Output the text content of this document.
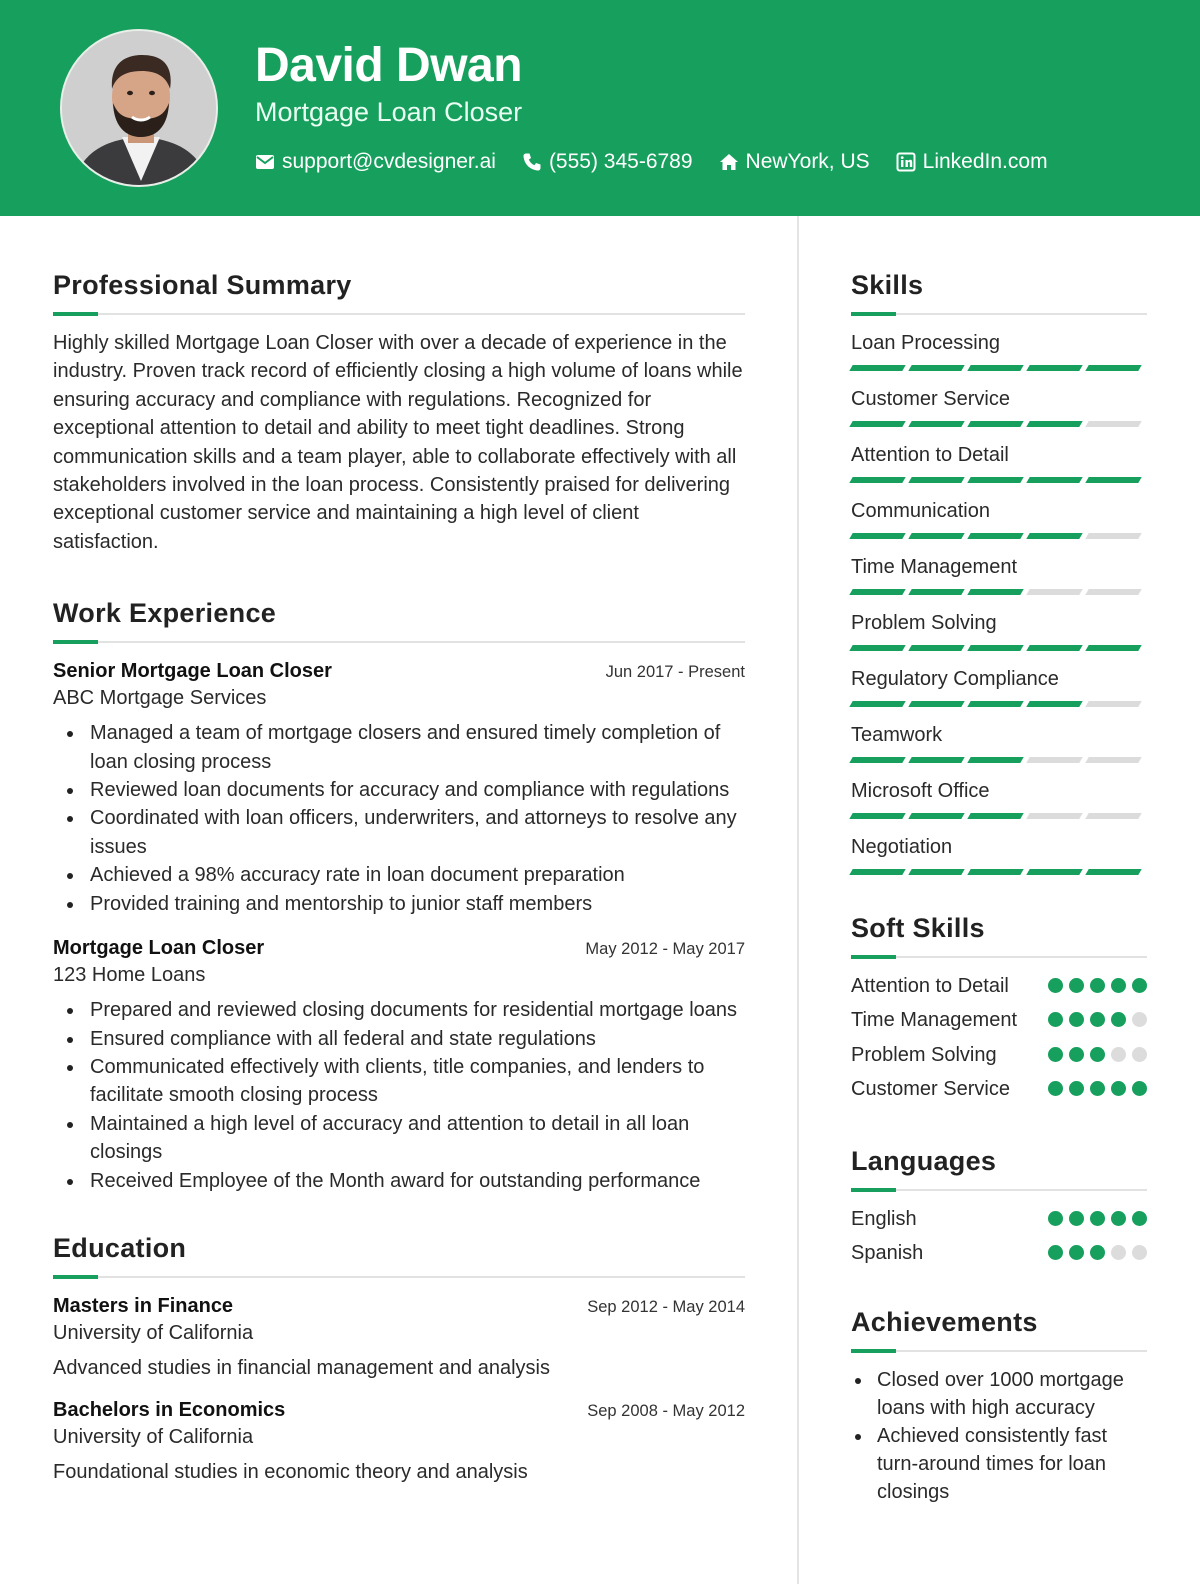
David Dwan
Mortgage Loan Closer
support@cvdesigner.ai	(555) 345-6789	NewYork, US	LinkedIn.com
Professional Summary

Highly skilled Mortgage Loan Closer with over a decade of experience in the industry. Proven track record of efficiently closing a high volume of loans while ensuring accuracy and compliance with regulations. Recognized for exceptional attention to detail and ability to meet tight deadlines. Strong communication skills and a team player, able to collaborate effectively with all stakeholders involved in the loan process. Consistently praised for delivering exceptional customer service and maintaining a high level of client satisfaction.

Work Experience
Senior Mortgage Loan Closer	Jun 2017 - Present
ABC Mortgage Services
Managed a team of mortgage closers and ensured timely completion of loan closing process
Reviewed loan documents for accuracy and compliance with regulations
Coordinated with loan officers, underwriters, and attorneys to resolve any issues
Achieved a 98% accuracy rate in loan document preparation
Provided training and mentorship to junior staff members
Mortgage Loan Closer	May 2012 - May 2017
123 Home Loans
Prepared and reviewed closing documents for residential mortgage loans
Ensured compliance with all federal and state regulations
Communicated effectively with clients, title companies, and lenders to facilitate smooth closing process
Maintained a high level of accuracy and attention to detail in all loan closings
Received Employee of the Month award for outstanding performance
Education
Masters in Finance	Sep 2012 - May 2014
University of California
Advanced studies in financial management and analysis
Bachelors in Economics	Sep 2008 - May 2012
University of California
Foundational studies in economic theory and analysis
Skills
Loan Processing
Customer Service
Attention to Detail
Communication
Time Management
Problem Solving
Regulatory Compliance
Teamwork
Microsoft Office
Negotiation
Soft Skills
Attention to Detail
Time Management
Problem Solving
Customer Service
Languages
English
Spanish
Achievements
Closed over 1000 mortgage loans with high accuracy
Achieved consistently fast turn-around times for loan closings
